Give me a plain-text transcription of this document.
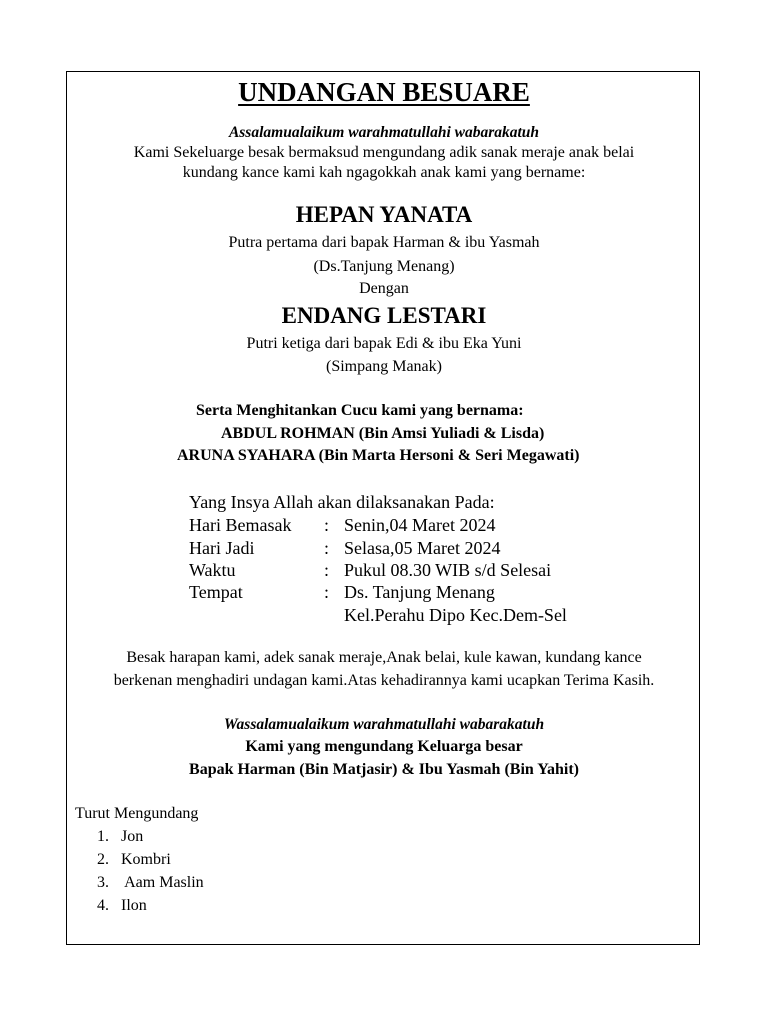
UNDANGAN BESUARE
Assalamualaikum warahmatullahi wabarakatuh
Kami Sekeluarge besak bermaksud mengundang adik sanak meraje anak belai
kundang kance kami kah ngagokkah anak kami yang bername:
HEPAN YANATA
Putra pertama dari bapak Harman & ibu Yasmah
(Ds.Tanjung Menang)
Dengan
ENDANG LESTARI
Putri ketiga dari bapak Edi & ibu Eka Yuni
(Simpang Manak)
Serta Menghitankan Cucu kami yang bernama:
ABDUL ROHMAN (Bin Amsi Yuliadi & Lisda)
ARUNA SYAHARA (Bin Marta Hersoni & Seri Megawati)
Yang Insya Allah akan dilaksanakan Pada:
Hari Bemasak : Senin,04 Maret 2024
Hari Jadi	: Selasa,05 Maret 2024
Waktu	: Pukul 08.30 WIB s/d Selesai
Tempat	: Ds. Tanjung Menang
Kel.Perahu Dipo Kec.Dem-Sel
Besak harapan kami, adek sanak meraje,Anak belai, kule kawan, kundang kance
berkenan menghadiri undagan kami.Atas kehadirannya kami ucapkan Terima Kasih.
Wassalamualaikum warahmatullahi wabarakatuh
Kami yang mengundang Keluarga besar
Bapak Harman (Bin Matjasir) & Ibu Yasmah (Bin Yahit)
Turut Mengundang
1. Jon
2. Kombri
3. Aam Maslin
4. Ilon
